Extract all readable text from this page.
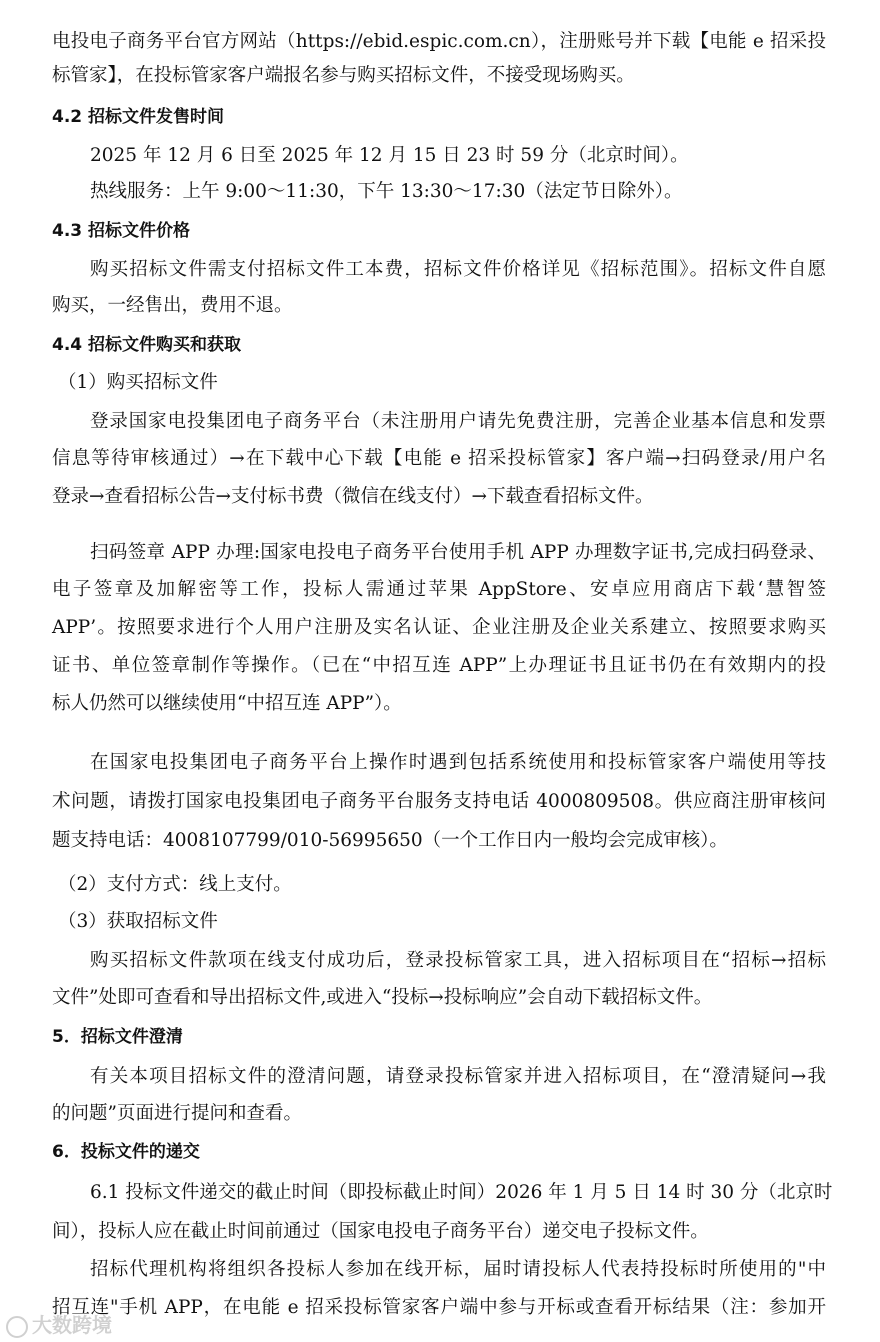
电投电子商务平台官方网站（https://ebid.espic.com.cn），注册账号并下载【电能 e 招采投
标管家】，在投标管家客户端报名参与购买招标文件，不接受现场购买。
4.2 招标文件发售时间
2025 年 12 月 6 日至 2025 年 12 月 15 日 23 时 59 分（北京时间）。
热线服务：上午 9:00～11:30，下午 13:30～17:30（法定节日除外）。
4.3 招标文件价格
购买招标文件需支付招标文件工本费，招标文件价格详见《招标范围》。招标文件自愿
购买，一经售出，费用不退。
4.4 招标文件购买和获取
（1）购买招标文件
登录国家电投集团电子商务平台（未注册用户请先免费注册，完善企业基本信息和发票
信息等待审核通过）→在下载中心下载【电能 e 招采投标管家】客户端→扫码登录/用户名
登录→查看招标公告→支付标书费（微信在线支付）→下载查看招标文件。
扫码签章 APP 办理:国家电投电子商务平台使用手机 APP 办理数字证书,完成扫码登录、
电子签章及加解密等工作，投标人需通过苹果 AppStore、安卓应用商店下载‘慧智签
APP’。按照要求进行个人用户注册及实名认证、企业注册及企业关系建立、按照要求购买
证书、单位签章制作等操作。（已在“中招互连 APP”上办理证书且证书仍在有效期内的投
标人仍然可以继续使用“中招互连 APP”）。
在国家电投集团电子商务平台上操作时遇到包括系统使用和投标管家客户端使用等技
术问题，请拨打国家电投集团电子商务平台服务支持电话 4000809508。供应商注册审核问
题支持电话：4008107799/010-56995650（一个工作日内一般均会完成审核）。
（2）支付方式：线上支付。
（3）获取招标文件
购买招标文件款项在线支付成功后，登录投标管家工具，进入招标项目在“招标→招标
文件”处即可查看和导出招标文件,或进入“投标→投标响应”会自动下载招标文件。
5．招标文件澄清
有关本项目招标文件的澄清问题，请登录投标管家并进入招标项目，在“澄清疑问→我
的问题”页面进行提问和查看。
6．投标文件的递交
6.1 投标文件递交的截止时间（即投标截止时间）2026 年 1 月 5 日 14 时 30 分（北京时
间），投标人应在截止时间前通过（国家电投电子商务平台）递交电子投标文件。
招标代理机构将组织各投标人参加在线开标，届时请投标人代表持投标时所使用的"中
招互连"手机 APP，在电能 e 招采投标管家客户端中参与开标或查看开标结果（注：参加开
大数跨境
